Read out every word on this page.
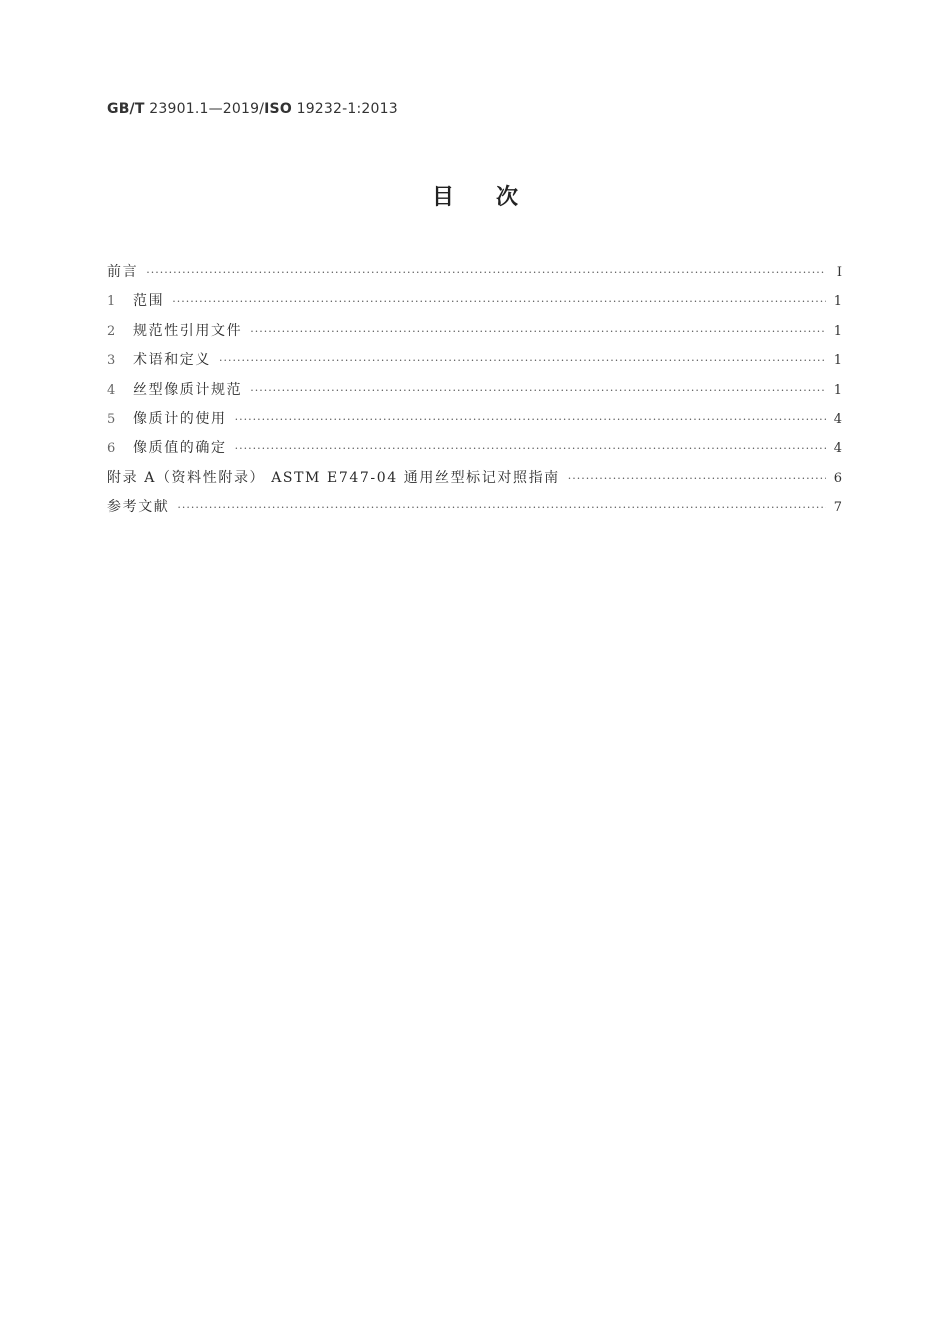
GB/T 23901.1—2019/ISO 19232-1:2013
目次
前言 ·····	Ⅰ
1	范围 ·····	1
2	规范性引用文件 ·····	1
3	术语和定义 ·····	1
4	丝型像质计规范 ·····	1
5	像质计的使用 ·····	4
6	像质值的确定 ·····	4
附录 A（资料性附录） ASTM E747-04 通用丝型标记对照指南 ·····	6
参考文献 ·····	7
